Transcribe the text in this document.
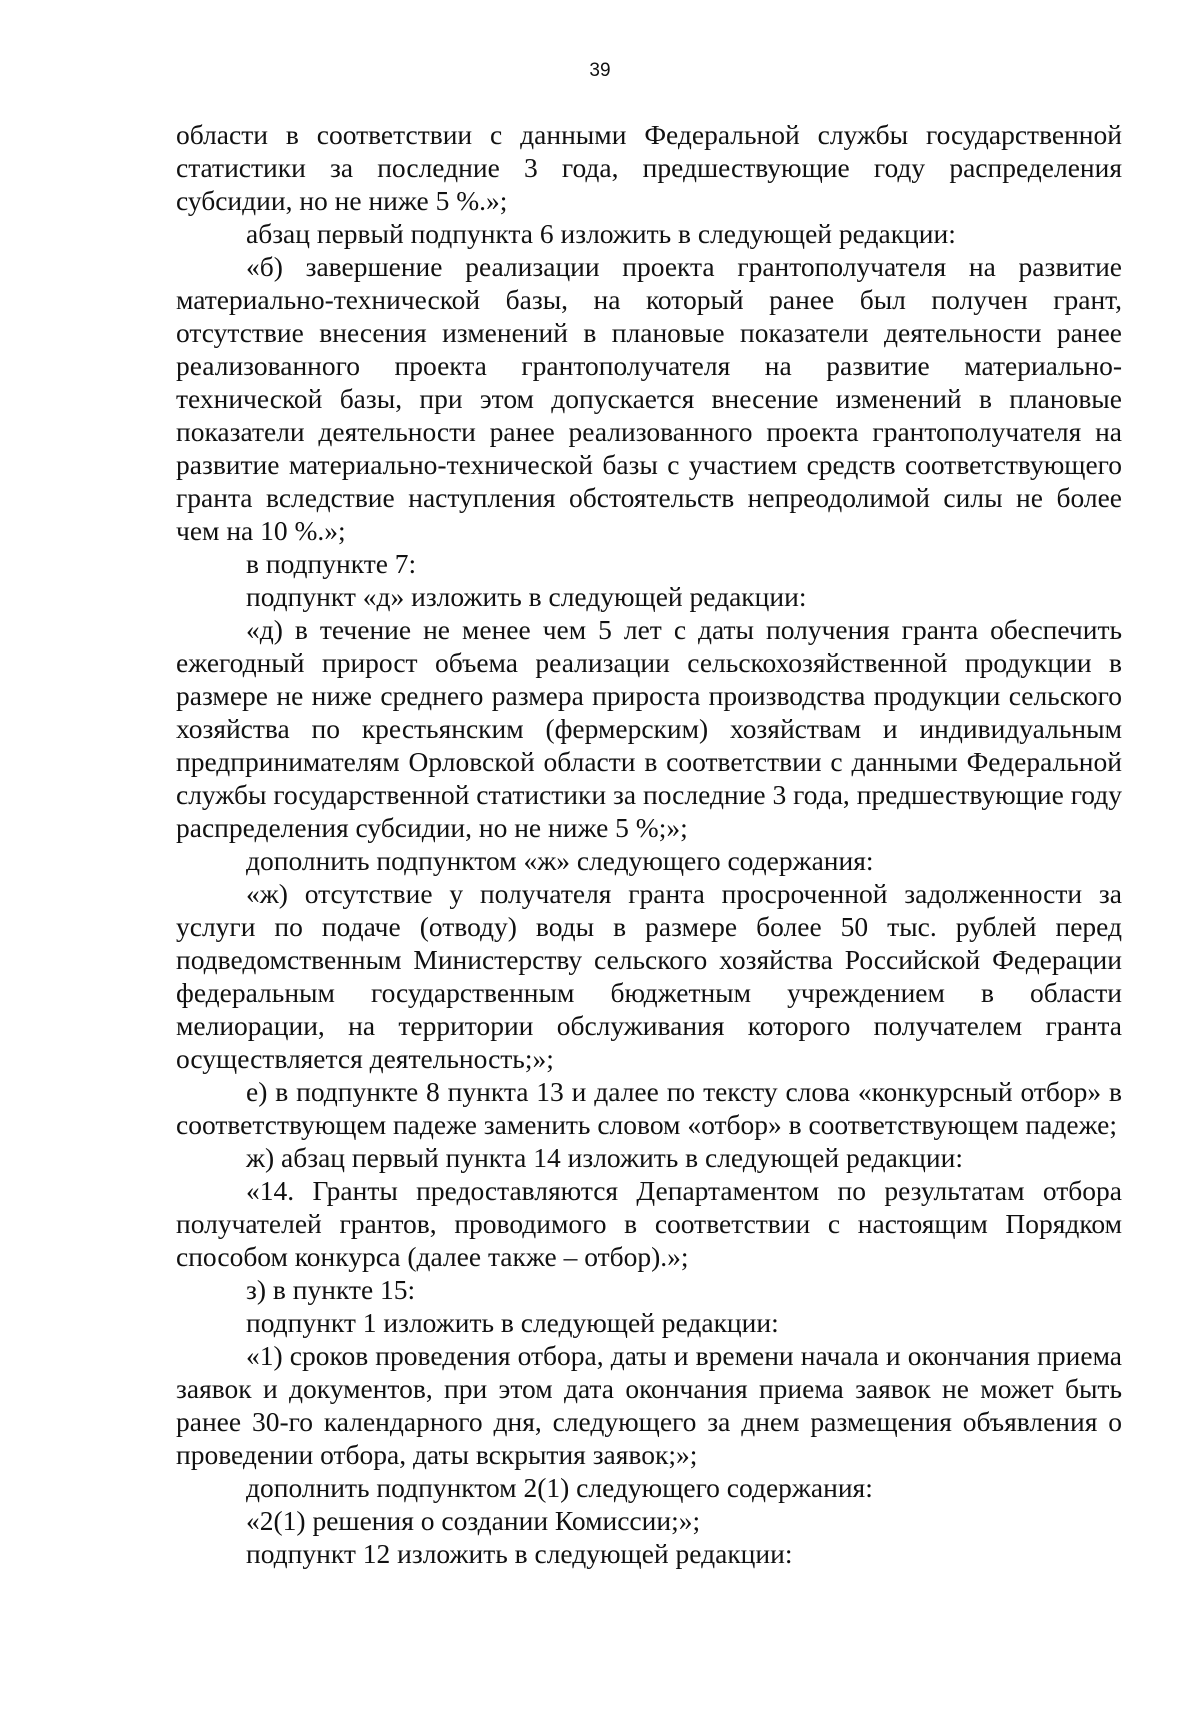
39

области в соответствии с данными Федеральной службы государственной статистики за последние 3 года, предшествующие году распределения субсидии, но не ниже 5 %.»;

абзац первый подпункта 6 изложить в следующей редакции:

«б) завершение реализации проекта грантополучателя на развитие материально-технической базы, на который ранее был получен грант, отсутствие внесения изменений в плановые показатели деятельности ранее реализованного проекта грантополучателя на развитие материально-технической базы, при этом допускается внесение изменений в плановые показатели деятельности ранее реализованного проекта грантополучателя на развитие материально-технической базы с участием средств соответствующего гранта вследствие наступления обстоятельств непреодолимой силы не более чем на 10 %.»;

в подпункте 7:

подпункт «д» изложить в следующей редакции:

«д) в течение не менее чем 5 лет с даты получения гранта обеспечить ежегодный прирост объема реализации сельскохозяйственной продукции в размере не ниже среднего размера прироста производства продукции сельского хозяйства по крестьянским (фермерским) хозяйствам и индивидуальным предпринимателям Орловской области в соответствии с данными Федеральной службы государственной статистики за последние 3 года, предшествующие году распределения субсидии, но не ниже 5 %;»;

дополнить подпунктом «ж» следующего содержания:

«ж) отсутствие у получателя гранта просроченной задолженности за услуги по подаче (отводу) воды в размере более 50 тыс. рублей перед подведомственным Министерству сельского хозяйства Российской Федерации федеральным государственным бюджетным учреждением в области мелиорации, на территории обслуживания которого получателем гранта осуществляется деятельность;»;

е) в подпункте 8 пункта 13 и далее по тексту слова «конкурсный отбор» в соответствующем падеже заменить словом «отбор» в соответствующем падеже;

ж) абзац первый пункта 14 изложить в следующей редакции:

«14. Гранты предоставляются Департаментом по результатам отбора получателей грантов, проводимого в соответствии с настоящим Порядком способом конкурса (далее также – отбор).»;

з) в пункте 15:

подпункт 1 изложить в следующей редакции:

«1) сроков проведения отбора, даты и времени начала и окончания приема заявок и документов, при этом дата окончания приема заявок не может быть ранее 30-го календарного дня, следующего за днем размещения объявления о проведении отбора, даты вскрытия заявок;»;

дополнить подпунктом 2(1) следующего содержания:

«2(1) решения о создании Комиссии;»;

подпункт 12 изложить в следующей редакции:
